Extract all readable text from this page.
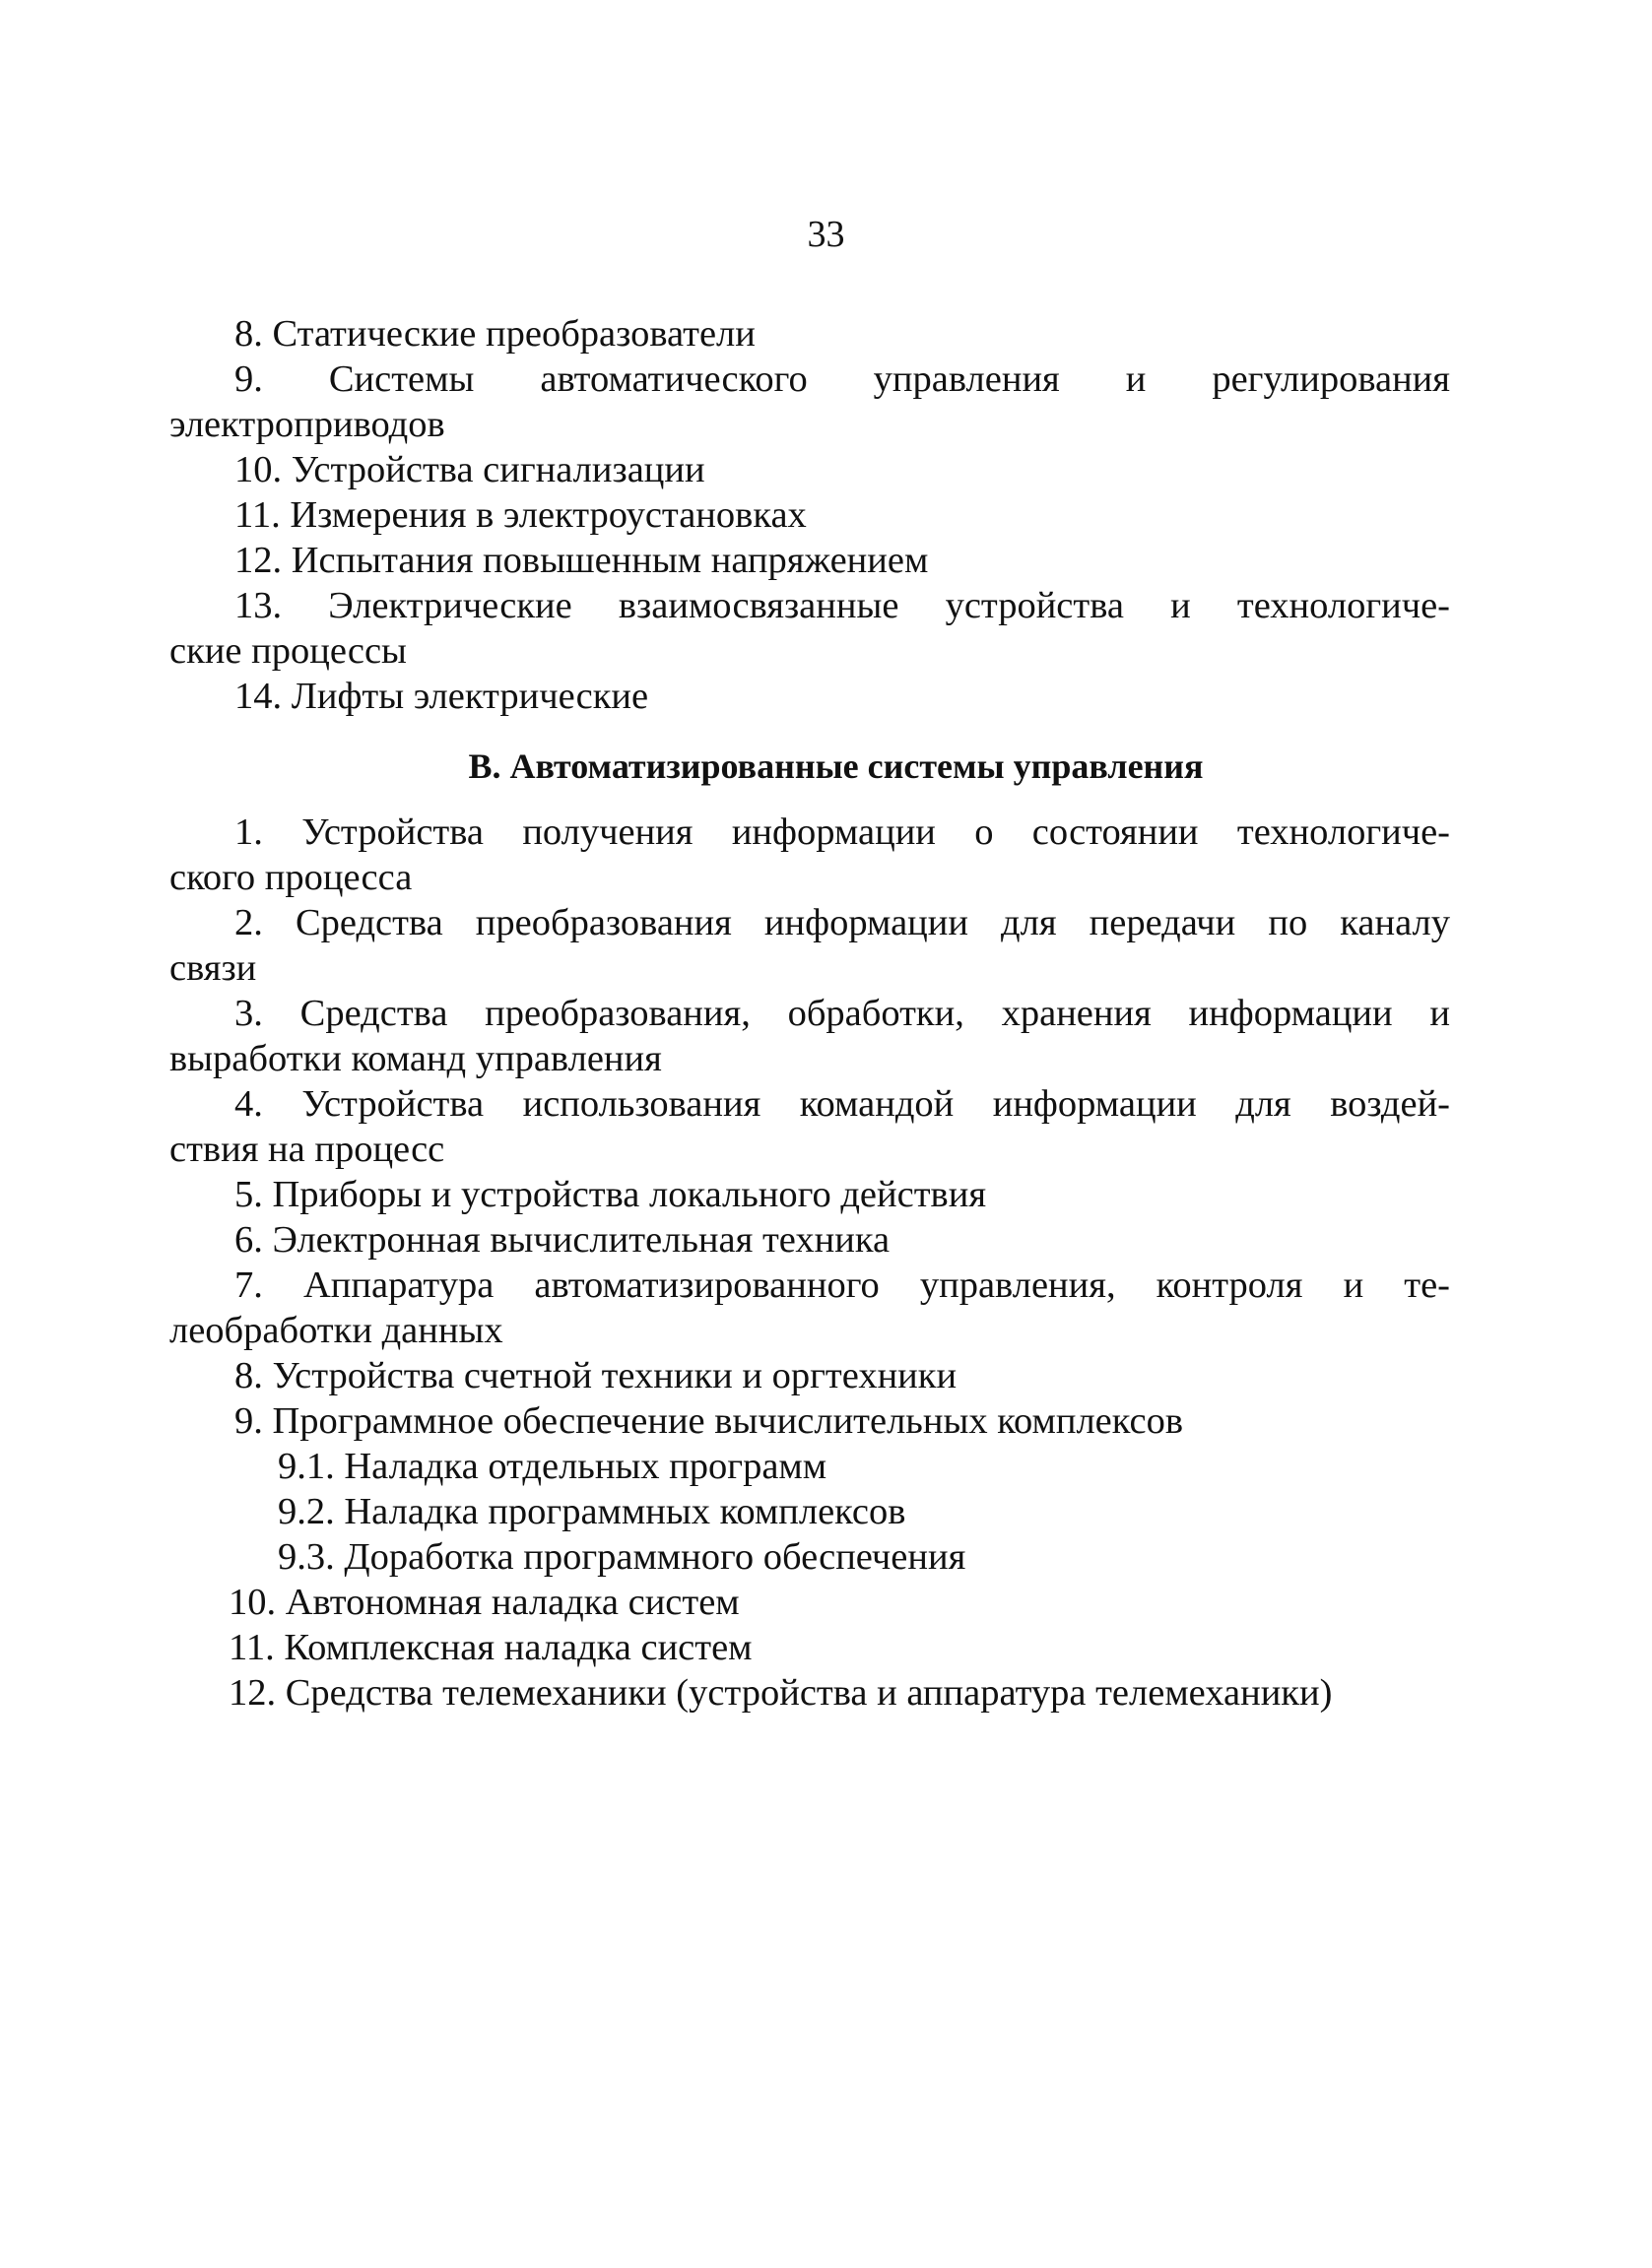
33
8. Статические преобразователи
9. Системы автоматического управления и регулирования
электроприводов
10. Устройства сигнализации
11. Измерения в электроустановках
12. Испытания повышенным напряжением
13. Электрические взаимосвязанные устройства и технологиче-
ские процессы
14. Лифты электрические
В. Автоматизированные системы управления
1. Устройства получения информации о состоянии технологиче-
ского процесса
2. Средства преобразования информации для передачи по каналу
связи
3. Средства преобразования, обработки, хранения информации и
выработки команд управления
4. Устройства использования командой информации для воздей-
ствия на процесс
5. Приборы и устройства локального действия
6. Электронная вычислительная техника
7. Аппаратура автоматизированного управления, контроля и те-
леобработки данных
8. Устройства счетной техники и оргтехники
9. Программное обеспечение вычислительных комплексов
9.1. Наладка отдельных программ
9.2. Наладка программных комплексов
9.3. Доработка программного обеспечения
10. Автономная наладка систем
11. Комплексная наладка систем
12. Средства телемеханики (устройства и аппаратура телемеханики)
